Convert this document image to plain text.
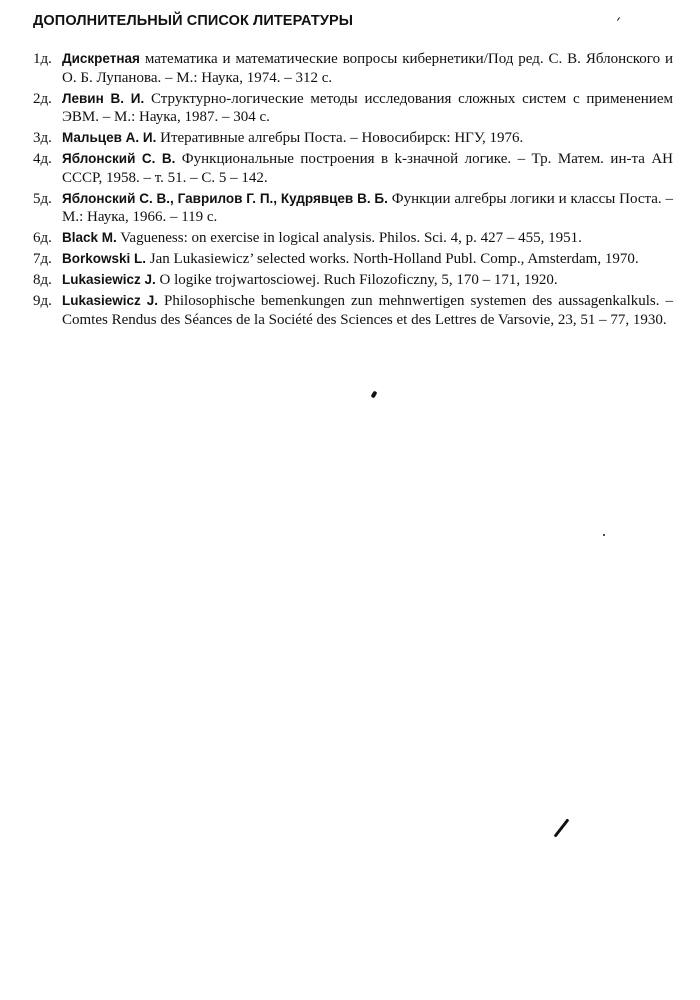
ДОПОЛНИТЕЛЬНЫЙ СПИСОК ЛИТЕРАТУРЫ
1д. Дискретная математика и математические вопросы кибернетики/Под ред. С. В. Яблонского и О. Б. Лупанова. – М.: Наука, 1974. – 312 с.
2д. Левин В. И. Структурно-логические методы исследования сложных систем с применением ЭВМ. – М.: Наука, 1987. – 304 с.
3д. Мальцев А. И. Итеративные алгебры Поста. – Новосибирск: НГУ, 1976.
4д. Яблонский С. В. Функциональные построения в k-значной логике. – Тр. Матем. ин-та АН СССР, 1958. – т. 51. – С. 5 – 142.
5д. Яблонский С. В., Гаврилов Г. П., Кудрявцев В. Б. Функции алгебры логики и классы Поста. – М.: Наука, 1966. – 119 с.
6д. Black M. Vagueness: on exercise in logical analysis. Philos. Sci. 4, p. 427 – 455, 1951.
7д. Borkowski L. Jan Lukasiewicz’ selected works. North-Holland Publ. Comp., Amsterdam, 1970.
8д. Lukasiewicz J. O logike trojwartosciowej. Ruch Filozoficzny, 5, 170 – 171, 1920.
9д. Lukasiewicz J. Philosophische bemenkungen zun mehnwertigen systemen des aussagenkalkuls. – Comtes Rendus des Séances de la Société des Sciences et des Lettres de Varsovie, 23, 51 – 77, 1930.
